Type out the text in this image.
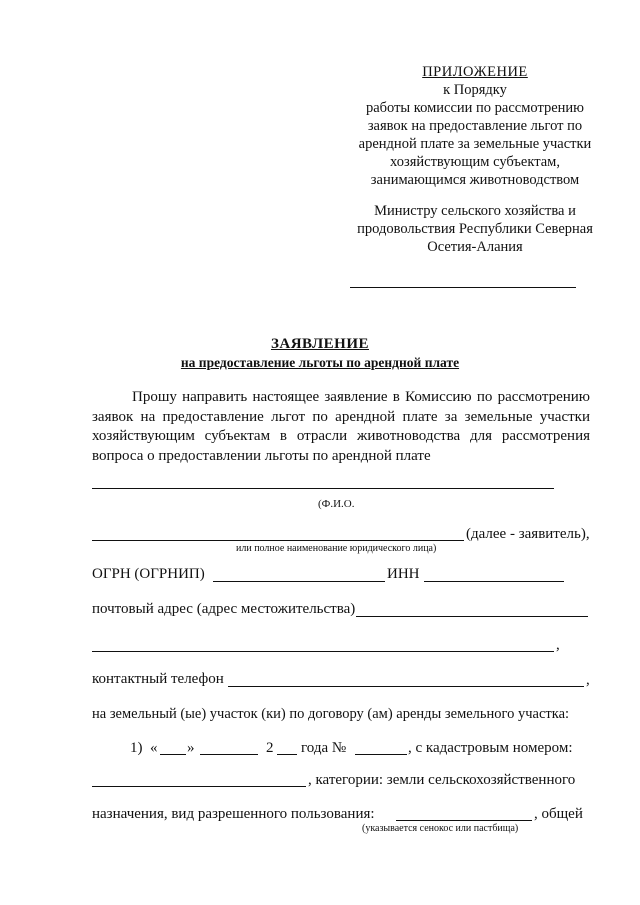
ПРИЛОЖЕНИЕ
к Порядку
работы комиссии по рассмотрению
заявок на предоставление льгот по
арендной плате за земельные участки
хозяйствующим субъектам,
занимающимся животноводством
Министру сельского хозяйства и
продовольствия Республики Северная
Осетия-Алания
ЗАЯВЛЕНИЕ
на предоставление льготы по арендной плате
Прошу направить настоящее заявление в Комиссию по рассмотрению заявок на предоставление льгот по арендной плате за земельные участки хозяйствующим субъектам в отрасли животноводства для рассмотрения вопроса о предоставлении льготы по арендной плате
(Ф.И.О.
(далее - заявитель),
или полное наименование юридического лица)
ОГРН (ОГРНИП)	ИНН
почтовый адрес (адрес местожительства)
,
контактный телефон	,
на земельный (ые) участок (ки) по договору (ам) аренды земельного участка:
1) « »	2 года №	, с кадастровым номером:
, категории: земли сельскохозяйственного
назначения, вид разрешенного пользования:	, общей
(указывается сенокос или пастбища)
